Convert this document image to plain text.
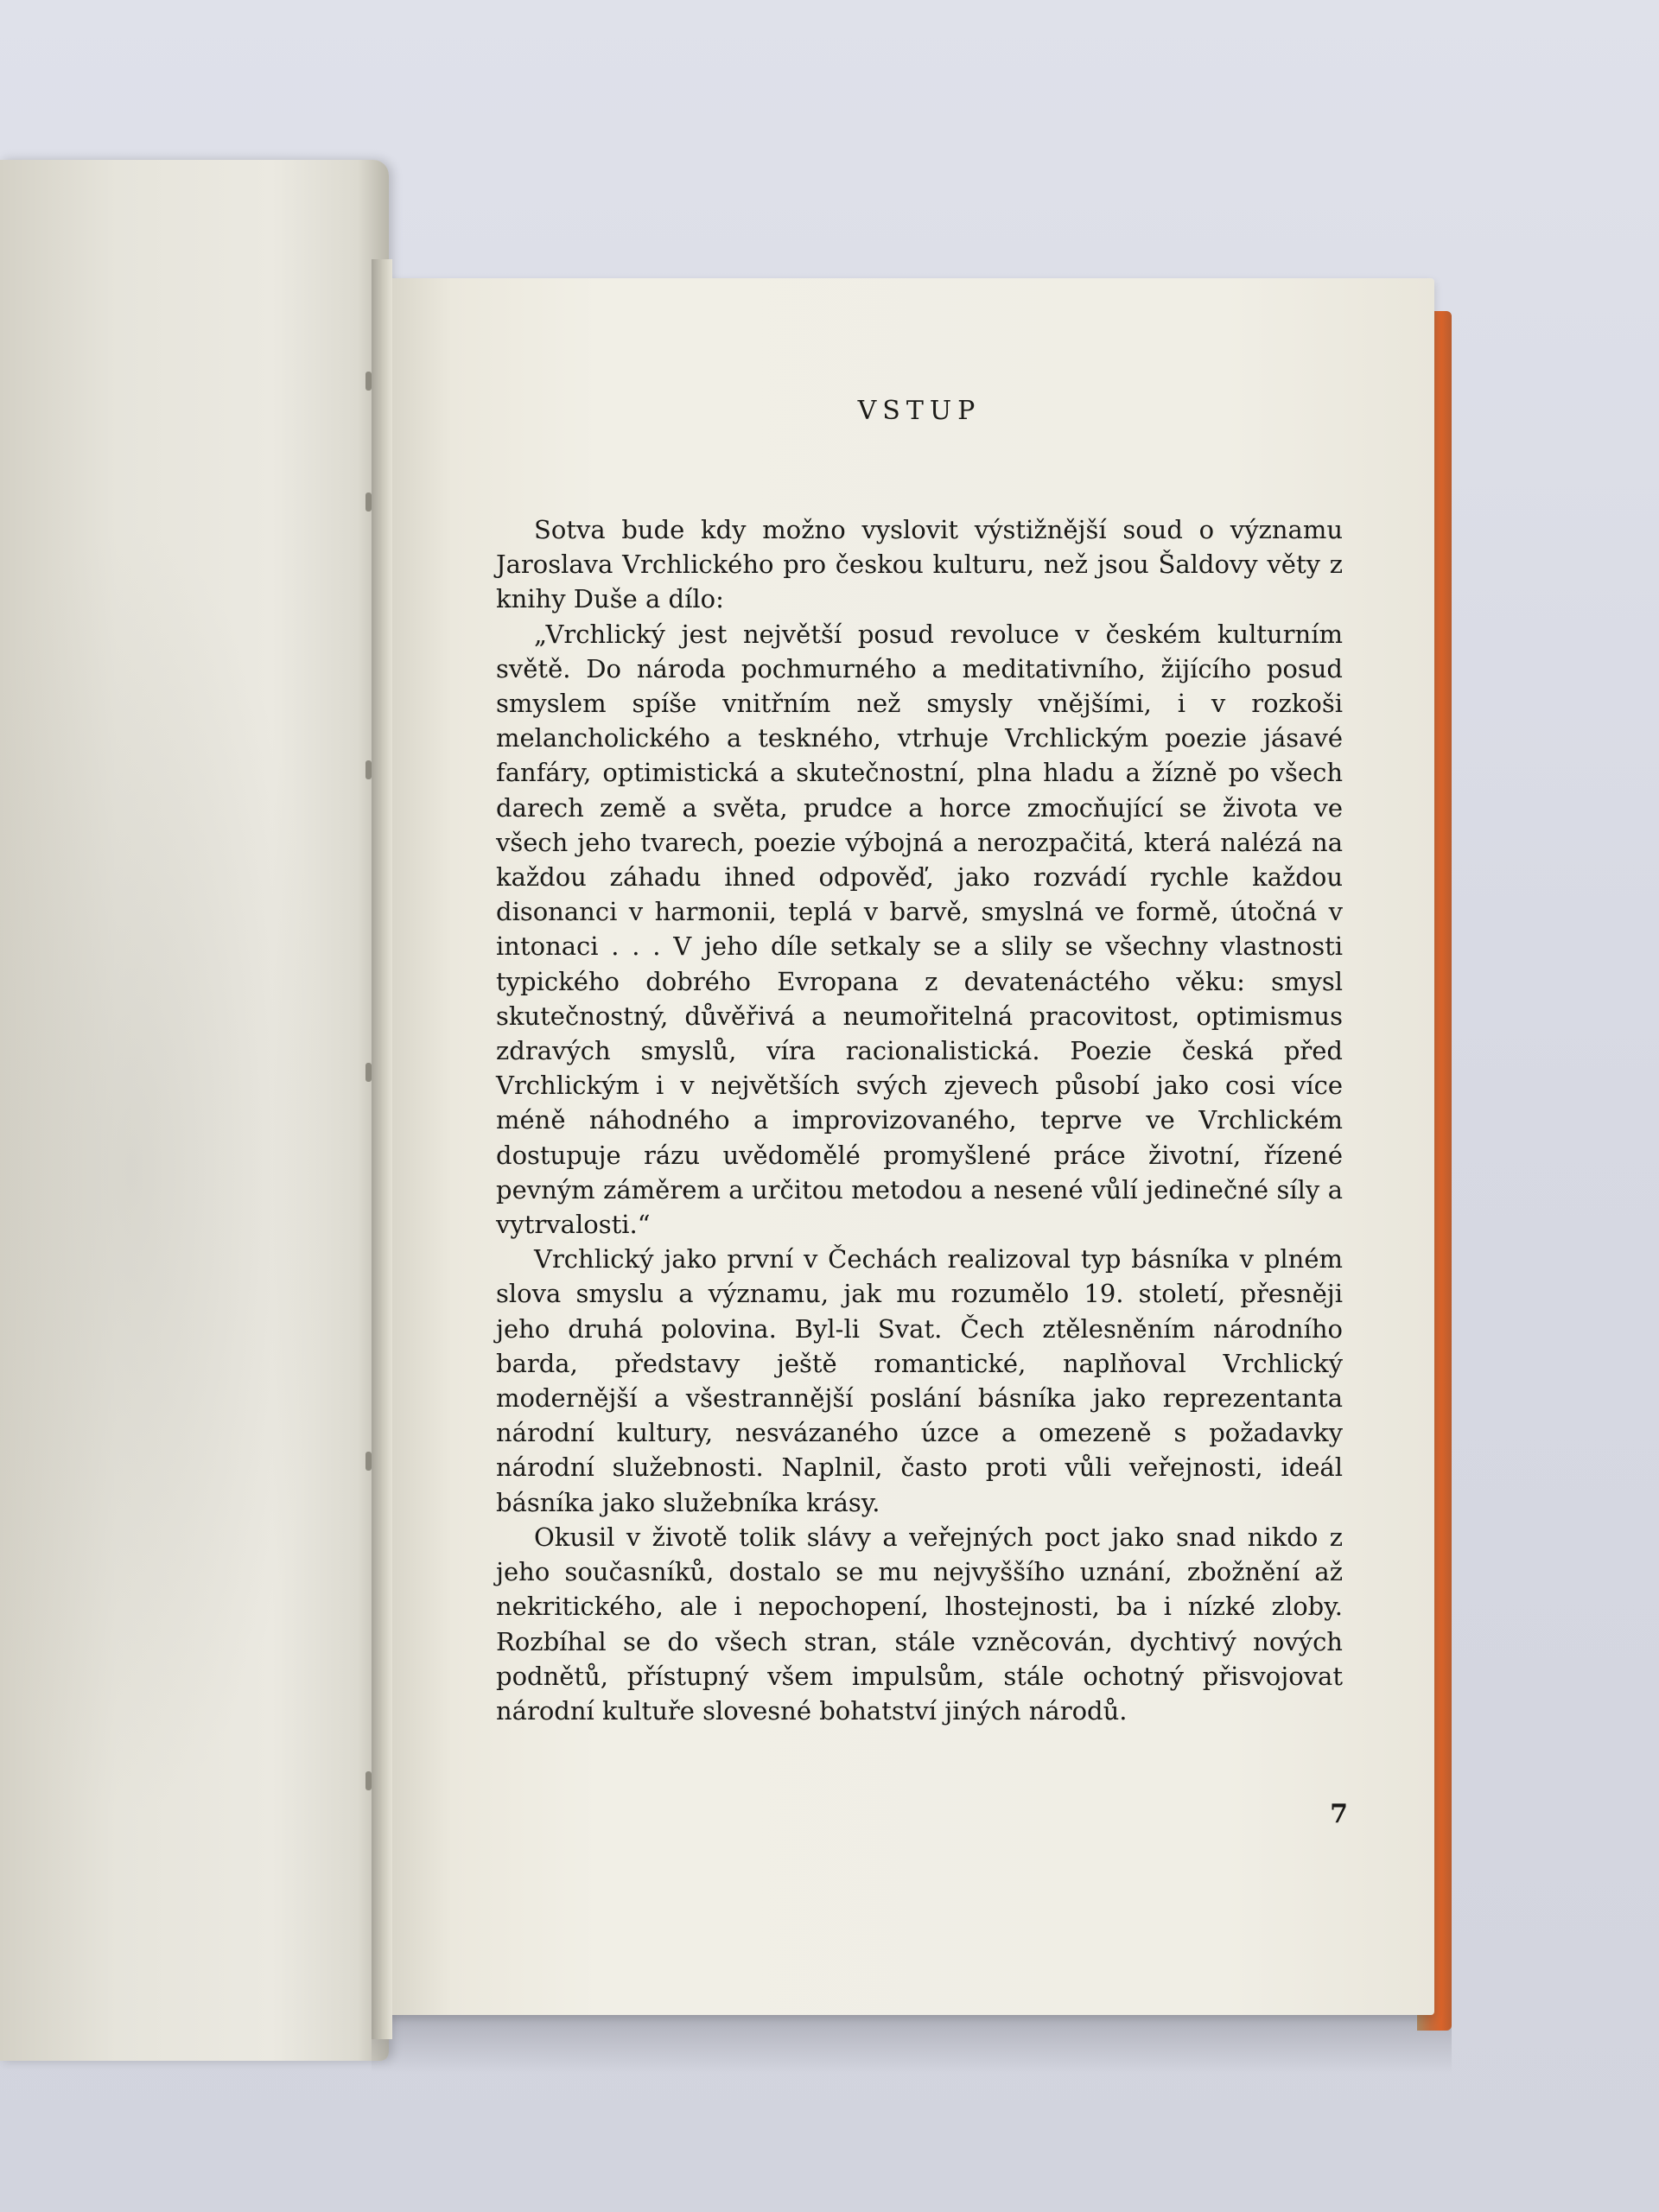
VSTUP

Sotva bude kdy možno vyslovit výstižnější soud o významu Jaroslava Vrchlického pro českou kulturu, než jsou Šaldovy věty z knihy Duše a dílo:

„Vrchlický jest největší posud revoluce v českém kulturním světě. Do národa pochmurného a meditativního, žijícího posud smyslem spíše vnitřním než smysly vnějšími, i v rozkoši melancholického a teskného, vtrhuje Vrchlickým poezie jásavé fanfáry, optimistická a skutečnostní, plna hladu a žízně po všech darech země a světa, prudce a horce zmocňující se života ve všech jeho tvarech, poezie výbojná a nerozpačitá, která nalézá na každou záhadu ihned odpověď, jako rozvádí rychle každou disonanci v harmonii, teplá v barvě, smyslná ve formě, útočná v intonaci . . . V jeho díle setkaly se a slily se všechny vlastnosti typického dobrého Evropana z devatenáctého věku: smysl skutečnostný, důvěřivá a neumořitelná pracovitost, optimismus zdravých smyslů, víra racionalistická. Poezie česká před Vrchlickým i v největších svých zjevech působí jako cosi více méně náhodného a improvizovaného, teprve ve Vrchlickém dostupuje rázu uvědomělé promyšlené práce životní, řízené pevným záměrem a určitou metodou a nesené vůlí jedinečné síly a vytrvalosti.“

Vrchlický jako první v Čechách realizoval typ básníka v plném slova smyslu a významu, jak mu rozumělo 19. století, přesněji jeho druhá polovina. Byl-li Svat. Čech ztělesněním národního barda, představy ještě romantické, naplňoval Vrchlický modernější a všestrannější poslání básníka jako reprezentanta národní kultury, nesvázaného úzce a omezeně s požadavky národní služebnosti. Naplnil, často proti vůli veřejnosti, ideál básníka jako služebníka krásy.

Okusil v životě tolik slávy a veřejných poct jako snad nikdo z jeho současníků, dostalo se mu nejvyššího uznání, zbožnění až nekritického, ale i nepochopení, lhostejnosti, ba i nízké zloby. Rozbíhal se do všech stran, stále vzněcován, dychtivý nových podnětů, přístupný všem impulsům, stále ochotný přisvojovat národní kultuře slovesné bohatství jiných národů.

7
